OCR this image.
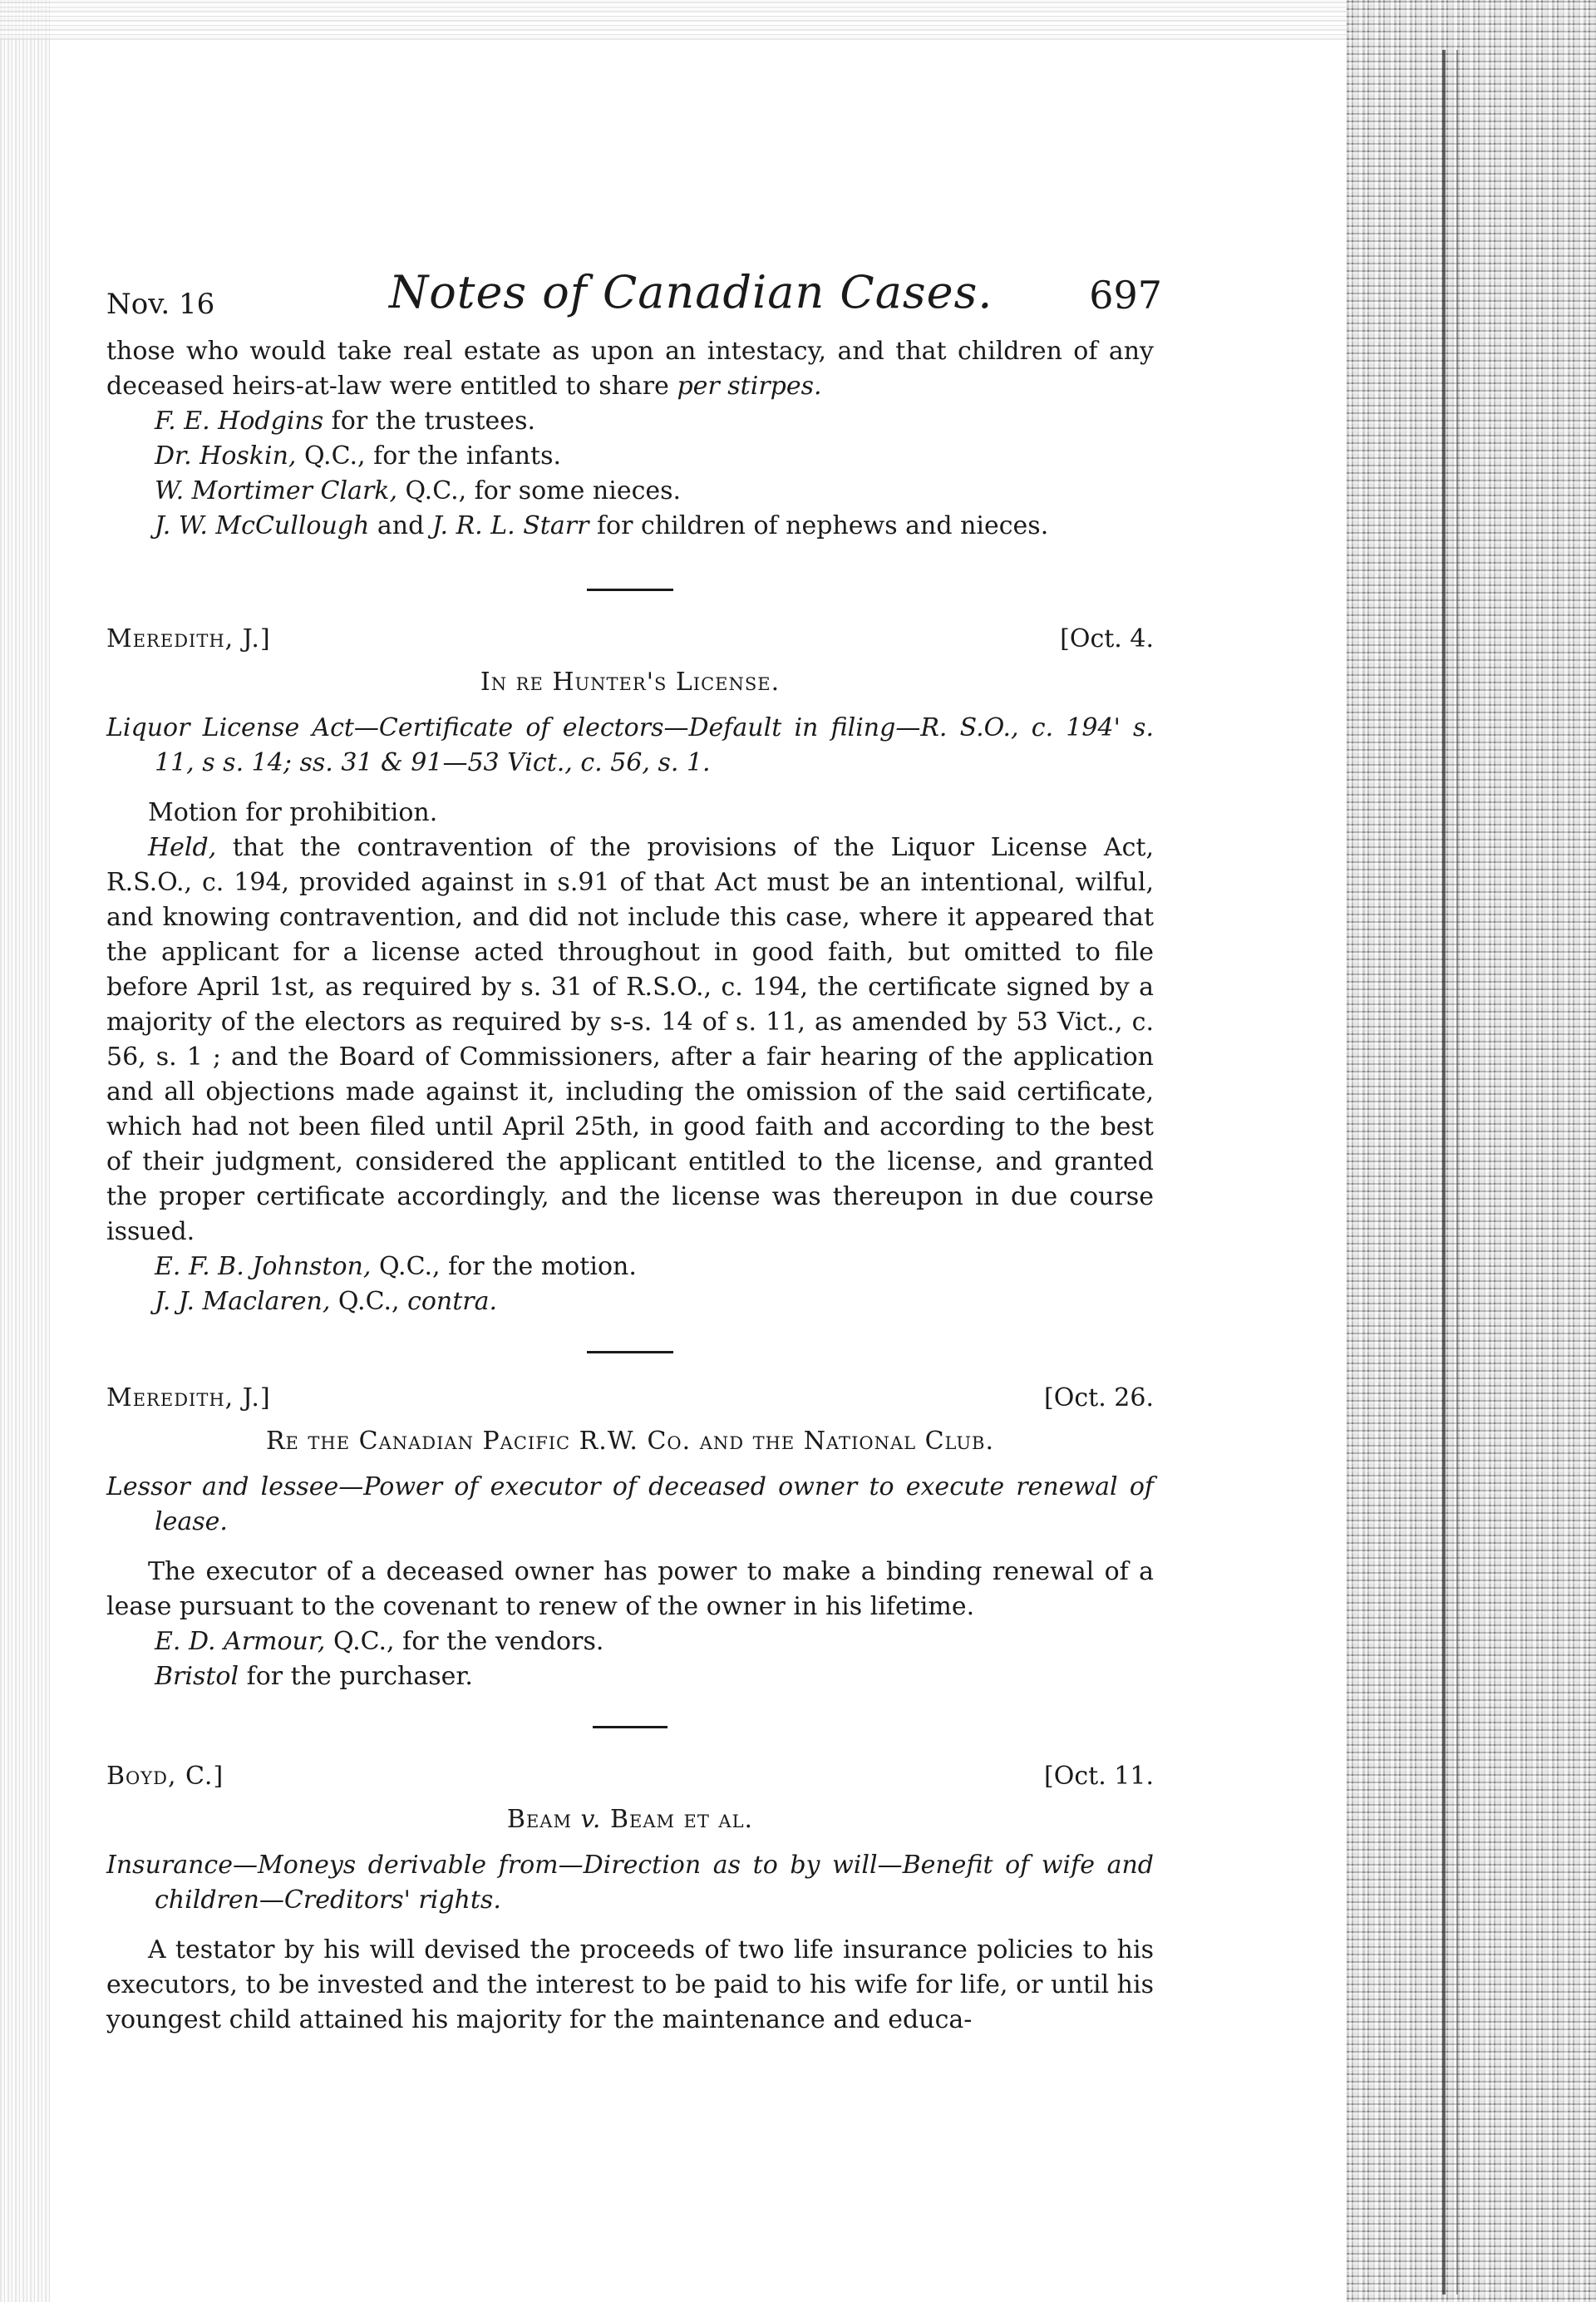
Nov. 16	Notes of Canadian Cases.	697

those who would take real estate as upon an intestacy, and that children of any deceased heirs-at-law were entitled to share per stirpes.

F. E. Hodgins for the trustees.
Dr. Hoskin, Q.C., for the infants.
W. Mortimer Clark, Q.C., for some nieces.
J. W. McCullough and J. R. L. Starr for children of nephews and nieces.
Meredith, J.]	[Oct. 4.
In re Hunter's License.

Liquor License Act—Certificate of electors—Default in filing—R. S.O., c. 194' s. 11, s s. 14; ss. 31 & 91—53 Vict., c. 56, s. 1.

Motion for prohibition.

Held, that the contravention of the provisions of the Liquor License Act, R.S.O., c. 194, provided against in s.91 of that Act must be an intentional, wilful, and knowing contravention, and did not include this case, where it appeared that the applicant for a license acted throughout in good faith, but omitted to file before April 1st, as required by s. 31 of R.S.O., c. 194, the certificate signed by a majority of the electors as required by s-s. 14 of s. 11, as amended by 53 Vict., c. 56, s. 1 ; and the Board of Commissioners, after a fair hearing of the application and all objections made against it, including the omission of the said certificate, which had not been filed until April 25th, in good faith and according to the best of their judgment, considered the applicant entitled to the license, and granted the proper certificate accordingly, and the license was thereupon in due course issued.

E. F. B. Johnston, Q.C., for the motion.
J. J. Maclaren, Q.C., contra.
Meredith, J.]	[Oct. 26.
Re the Canadian Pacific R.W. Co. and the National Club.

Lessor and lessee—Power of executor of deceased owner to execute renewal of lease.

The executor of a deceased owner has power to make a binding renewal of a lease pursuant to the covenant to renew of the owner in his lifetime.

E. D. Armour, Q.C., for the vendors.
Bristol for the purchaser.
Boyd, C.]	[Oct. 11.
Beam v. Beam et al.

Insurance—Moneys derivable from—Direction as to by will—Benefit of wife and children—Creditors' rights.

A testator by his will devised the proceeds of two life insurance policies to his executors, to be invested and the interest to be paid to his wife for life, or until his youngest child attained his majority for the maintenance and educa-
